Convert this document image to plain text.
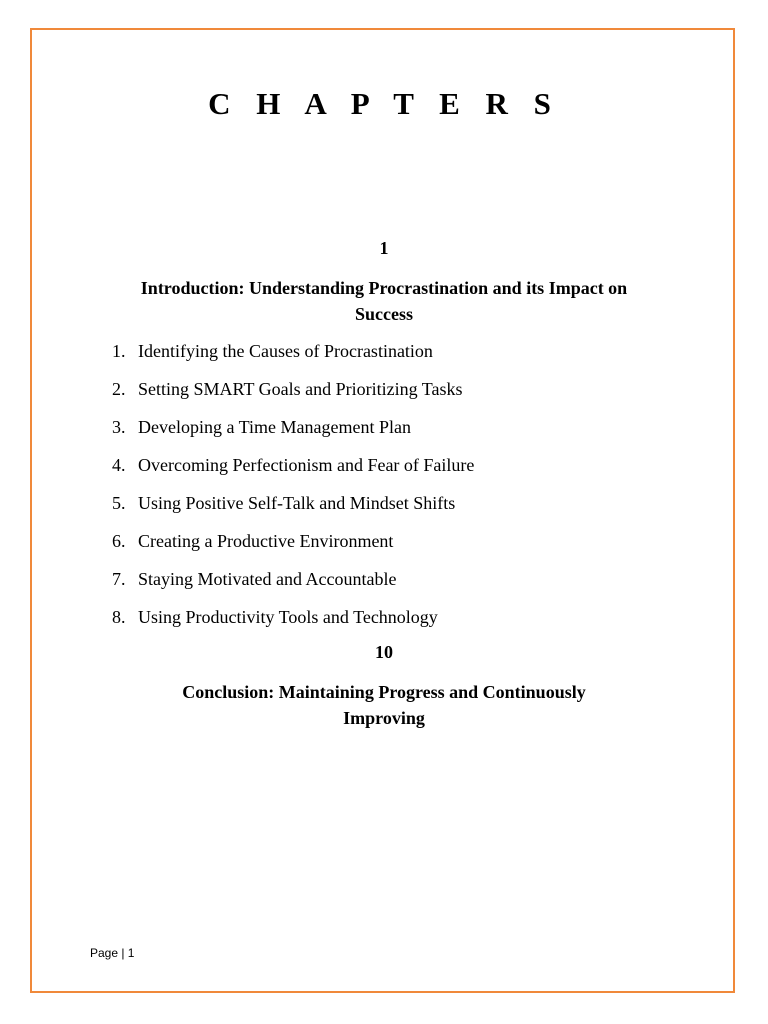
C H A P T E R S
1
Introduction: Understanding Procrastination and its Impact on
Success
1. Identifying the Causes of Procrastination
2. Setting SMART Goals and Prioritizing Tasks
3. Developing a Time Management Plan
4. Overcoming Perfectionism and Fear of Failure
5. Using Positive Self-Talk and Mindset Shifts
6. Creating a Productive Environment
7. Staying Motivated and Accountable
8. Using Productivity Tools and Technology
10
Conclusion: Maintaining Progress and Continuously
Improving
Page | 1
